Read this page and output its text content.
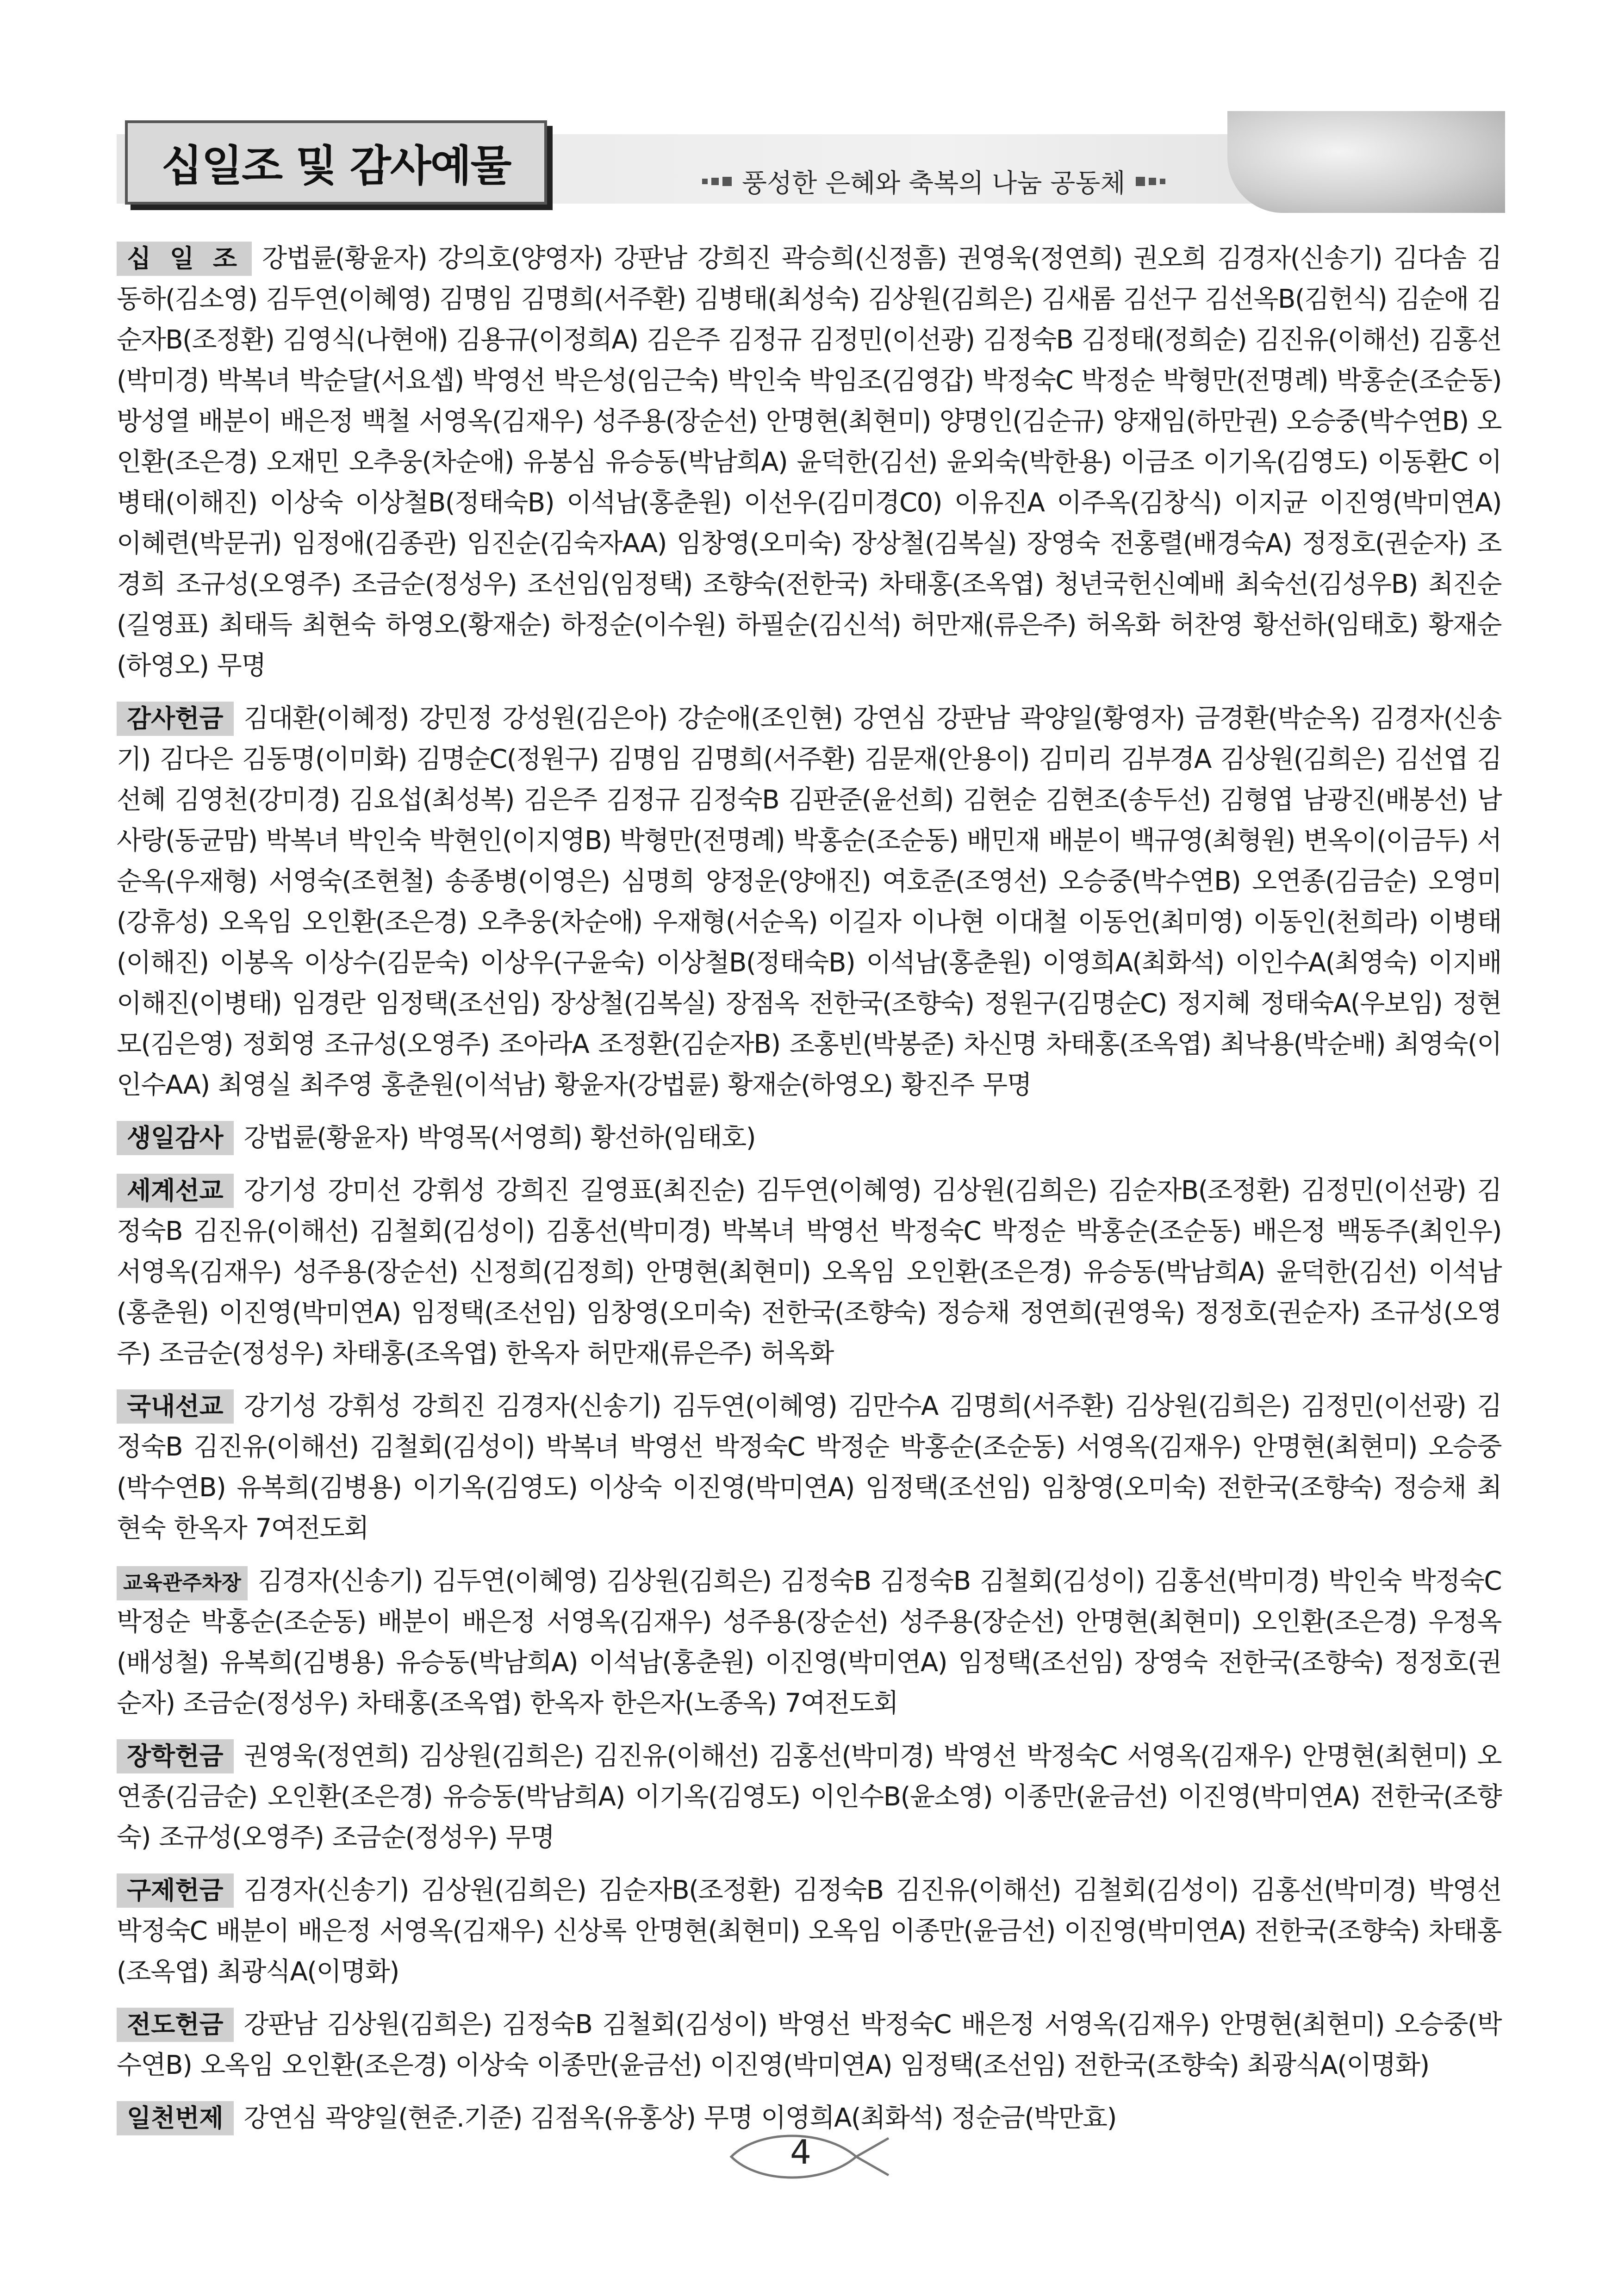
십일조 및 감사예물	풍성한 은혜와 축복의 나눔 공동체
십 일 조 강법륜(황윤자) 강의호(양영자) 강판남 강희진 곽승희(신정흠) 권영욱(정연희) 권오희 김경자(신송기) 김다솜 김동하(김소영) 김두연(이혜영) 김명임 김명희(서주환) 김병태(최성숙) 김상원(김희은) 김새롬 김선구 김선옥B(김헌식) 김순애 김순자B(조정환) 김영식(나현애) 김용규(이정희A) 김은주 김정규 김정민(이선광) 김정숙B 김정태(정희순) 김진유(이해선) 김홍선(박미경) 박복녀 박순달(서요셉) 박영선 박은성(임근숙) 박인숙 박임조(김영갑) 박정숙C 박정순 박형만(전명례) 박홍순(조순동) 방성열 배분이 배은정 백철 서영옥(김재우) 성주용(장순선) 안명현(최현미) 양명인(김순규) 양재임(하만권) 오승중(박수연B) 오인환(조은경) 오재민 오추웅(차순애) 유봉심 유승동(박남희A) 윤덕한(김선) 윤외숙(박한용) 이금조 이기옥(김영도) 이동환C 이병태(이해진) 이상숙 이상철B(정태숙B) 이석남(홍춘원) 이선우(김미경C0) 이유진A 이주옥(김창식) 이지균 이진영(박미연A) 이혜련(박문귀) 임정애(김종관) 임진순(김숙자AA) 임창영(오미숙) 장상철(김복실) 장영숙 전홍렬(배경숙A) 정정호(권순자) 조경희 조규성(오영주) 조금순(정성우) 조선임(임정택) 조향숙(전한국) 차태홍(조옥엽) 청년국헌신예배 최숙선(김성우B) 최진순(길영표) 최태득 최현숙 하영오(황재순) 하정순(이수원) 하필순(김신석) 허만재(류은주) 허옥화 허찬영 황선하(임태호) 황재순(하영오) 무명
감사헌금 김대환(이혜정) 강민정 강성원(김은아) 강순애(조인현) 강연심 강판남 곽양일(황영자) 금경환(박순옥) 김경자(신송기) 김다은 김동명(이미화) 김명순C(정원구) 김명임 김명희(서주환) 김문재(안용이) 김미리 김부경A 김상원(김희은) 김선엽 김선혜 김영천(강미경) 김요섭(최성복) 김은주 김정규 김정숙B 김판준(윤선희) 김현순 김현조(송두선) 김형엽 남광진(배봉선) 남사랑(동균맘) 박복녀 박인숙 박현인(이지영B) 박형만(전명례) 박홍순(조순동) 배민재 배분이 백규영(최형원) 변옥이(이금두) 서순옥(우재형) 서영숙(조현철) 송종병(이영은) 심명희 양정운(양애진) 여호준(조영선) 오승중(박수연B) 오연종(김금순) 오영미(강휴성) 오옥임 오인환(조은경) 오추웅(차순애) 우재형(서순옥) 이길자 이나현 이대철 이동언(최미영) 이동인(천희라) 이병태(이해진) 이봉옥 이상수(김문숙) 이상우(구윤숙) 이상철B(정태숙B) 이석남(홍춘원) 이영희A(최화석) 이인수A(최영숙) 이지배 이해진(이병태) 임경란 임정택(조선임) 장상철(김복실) 장점옥 전한국(조향숙) 정원구(김명순C) 정지혜 정태숙A(우보임) 정현모(김은영) 정회영 조규성(오영주) 조아라A 조정환(김순자B) 조홍빈(박봉준) 차신명 차태홍(조옥엽) 최낙용(박순배) 최영숙(이인수AA) 최영실 최주영 홍춘원(이석남) 황윤자(강법륜) 황재순(하영오) 황진주 무명
생일감사 강법륜(황윤자) 박영목(서영희) 황선하(임태호)
세계선교 강기성 강미선 강휘성 강희진 길영표(최진순) 김두연(이혜영) 김상원(김희은) 김순자B(조정환) 김정민(이선광) 김정숙B 김진유(이해선) 김철회(김성이) 김홍선(박미경) 박복녀 박영선 박정숙C 박정순 박홍순(조순동) 배은정 백동주(최인우) 서영옥(김재우) 성주용(장순선) 신정희(김정희) 안명현(최현미) 오옥임 오인환(조은경) 유승동(박남희A) 윤덕한(김선) 이석남(홍춘원) 이진영(박미연A) 임정택(조선임) 임창영(오미숙) 전한국(조향숙) 정승채 정연희(권영욱) 정정호(권순자) 조규성(오영주) 조금순(정성우) 차태홍(조옥엽) 한옥자 허만재(류은주) 허옥화
국내선교 강기성 강휘성 강희진 김경자(신송기) 김두연(이혜영) 김만수A 김명희(서주환) 김상원(김희은) 김정민(이선광) 김정숙B 김진유(이해선) 김철회(김성이) 박복녀 박영선 박정숙C 박정순 박홍순(조순동) 서영옥(김재우) 안명현(최현미) 오승중(박수연B) 유복희(김병용) 이기옥(김영도) 이상숙 이진영(박미연A) 임정택(조선임) 임창영(오미숙) 전한국(조향숙) 정승채 최현숙 한옥자 7여전도회
교육관주차장 김경자(신송기) 김두연(이혜영) 김상원(김희은) 김정숙B 김정숙B 김철회(김성이) 김홍선(박미경) 박인숙 박정숙C 박정순 박홍순(조순동) 배분이 배은정 서영옥(김재우) 성주용(장순선) 성주용(장순선) 안명현(최현미) 오인환(조은경) 우정옥(배성철) 유복희(김병용) 유승동(박남희A) 이석남(홍춘원) 이진영(박미연A) 임정택(조선임) 장영숙 전한국(조향숙) 정정호(권순자) 조금순(정성우) 차태홍(조옥엽) 한옥자 한은자(노종옥) 7여전도회
장학헌금 권영욱(정연희) 김상원(김희은) 김진유(이해선) 김홍선(박미경) 박영선 박정숙C 서영옥(김재우) 안명현(최현미) 오연종(김금순) 오인환(조은경) 유승동(박남희A) 이기옥(김영도) 이인수B(윤소영) 이종만(윤금선) 이진영(박미연A) 전한국(조향숙) 조규성(오영주) 조금순(정성우) 무명
구제헌금 김경자(신송기) 김상원(김희은) 김순자B(조정환) 김정숙B 김진유(이해선) 김철회(김성이) 김홍선(박미경) 박영선 박정숙C 배분이 배은정 서영옥(김재우) 신상록 안명현(최현미) 오옥임 이종만(윤금선) 이진영(박미연A) 전한국(조향숙) 차태홍(조옥엽) 최광식A(이명화)
전도헌금 강판남 김상원(김희은) 김정숙B 김철회(김성이) 박영선 박정숙C 배은정 서영옥(김재우) 안명현(최현미) 오승중(박수연B) 오옥임 오인환(조은경) 이상숙 이종만(윤금선) 이진영(박미연A) 임정택(조선임) 전한국(조향숙) 최광식A(이명화)
일천번제 강연심 곽양일(현준.기준) 김점옥(유홍상) 무명 이영희A(최화석) 정순금(박만효)
4
